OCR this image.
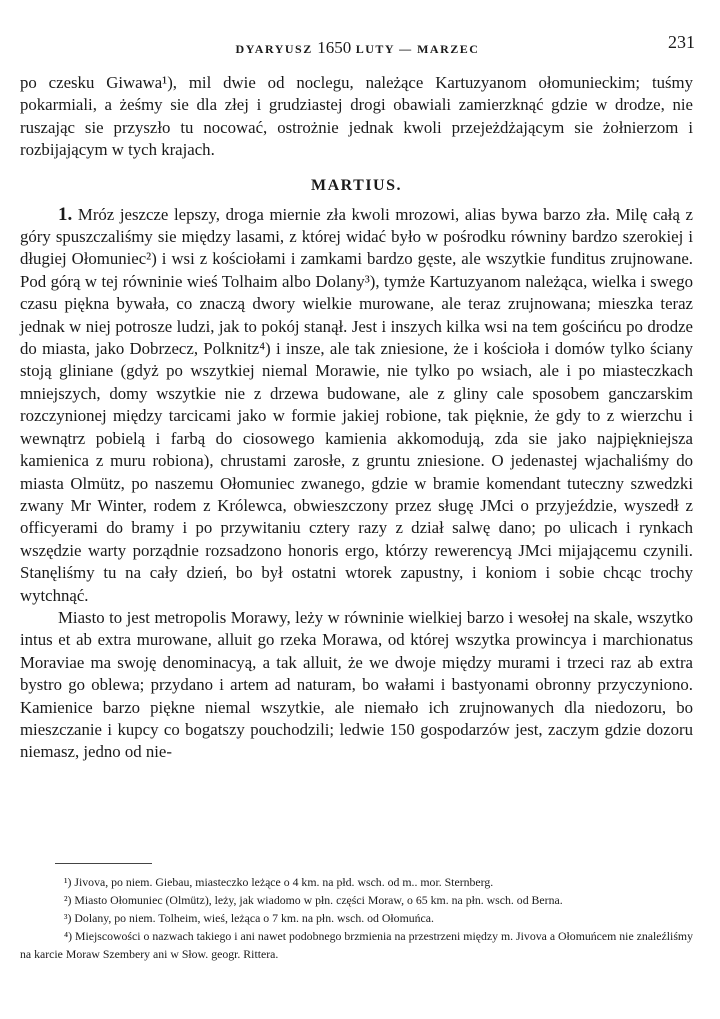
DYARYUSZ 1650 LUTY — MARZEC	231

po czesku Giwawa¹), mil dwie od noclegu, należące Kartuzyanom ołomunieckim; tuśmy pokarmiali, a żeśmy sie dla złej i grudziastej drogi obawiali zamierzknąć gdzie w drodze, nie ruszając sie przyszło tu nocować, ostrożnie jednak kwoli przejeżdżającym sie żołnierzom i rozbijającym w tych krajach.

MARTIUS.

1. Mróz jeszcze lepszy, droga miernie zła kwoli mrozowi, alias bywa barzo zła. Milę całą z góry spuszczaliśmy sie między lasami, z której widać było w pośrodku równiny bardzo szerokiej i długiej Ołomuniec²) i wsi z kościołami i zamkami bardzo gęste, ale wszytkie funditus zrujnowane. Pod górą w tej równinie wieś Tolhaim albo Dolany³), tymże Kartuzyanom należąca, wielka i swego czasu piękna bywała, co znaczą dwory wielkie murowane, ale teraz zrujnowana; mieszka teraz jednak w niej potrosze ludzi, jak to pokój stanął. Jest i inszych kilka wsi na tem gościńcu po drodze do miasta, jako Dobrzecz, Polknitz⁴) i insze, ale tak zniesione, że i kościoła i domów tylko ściany stoją gliniane (gdyż po wszytkiej niemal Morawie, nie tylko po wsiach, ale i po miasteczkach mniejszych, domy wszytkie nie z drzewa budowane, ale z gliny cale sposobem ganczarskim rozczynionej między tarcicami jako w formie jakiej robione, tak pięknie, że gdy to z wierzchu i wewnątrz pobielą i farbą do ciosowego kamienia akkomodują, zda sie jako najpiękniejsza kamienica z muru robiona), chrustami zarosłe, z gruntu zniesione. O jedenastej wjachaliśmy do miasta Olmütz, po naszemu Ołomuniec zwanego, gdzie w bramie komendant tuteczny szwedzki zwany Mr Winter, rodem z Królewca, obwieszczony przez sługę JMci o przyjeździe, wyszedł z officyerami do bramy i po przywitaniu cztery razy z dział salwę dano; po ulicach i rynkach wszędzie warty porządnie rozsadzono honoris ergo, którzy rewerencyą JMci mijającemu czynili. Stanęliśmy tu na cały dzień, bo był ostatni wtorek zapustny, i koniom i sobie chcąc trochy wytchnąć.

Miasto to jest metropolis Morawy, leży w równinie wielkiej barzo i wesołej na skale, wszytko intus et ab extra murowane, alluit go rzeka Morawa, od której wszytka prowincya i marchionatus Moraviae ma swoję denominacyą, a tak alluit, że we dwoje między murami i trzeci raz ab extra bystro go oblewa; przydano i artem ad naturam, bo wałami i bastyonami obronny przyczyniono. Kamienice barzo piękne niemal wszytkie, ale niemało ich zrujnowanych dla niedozoru, bo mieszczanie i kupcy co bogatszy pouchodzili; ledwie 150 gospodarzów jest, zaczym gdzie dozoru niemasz, jedno od nie-

¹) Jivova, po niem. Giebau, miasteczko leżące o 4 km. na płd. wsch. od m.. mor. Sternberg.

²) Miasto Ołomuniec (Olmütz), leży, jak wiadomo w płn. części Moraw, o 65 km. na płn. wsch. od Berna.

³) Dolany, po niem. Tolheim, wieś, leżąca o 7 km. na płn. wsch. od Ołomuńca.

⁴) Miejscowości o nazwach takiego i ani nawet podobnego brzmienia na przestrzeni między m. Jivova a Ołomuńcem nie znaleźliśmy na karcie Moraw Szembery ani w Słow. geogr. Rittera.
